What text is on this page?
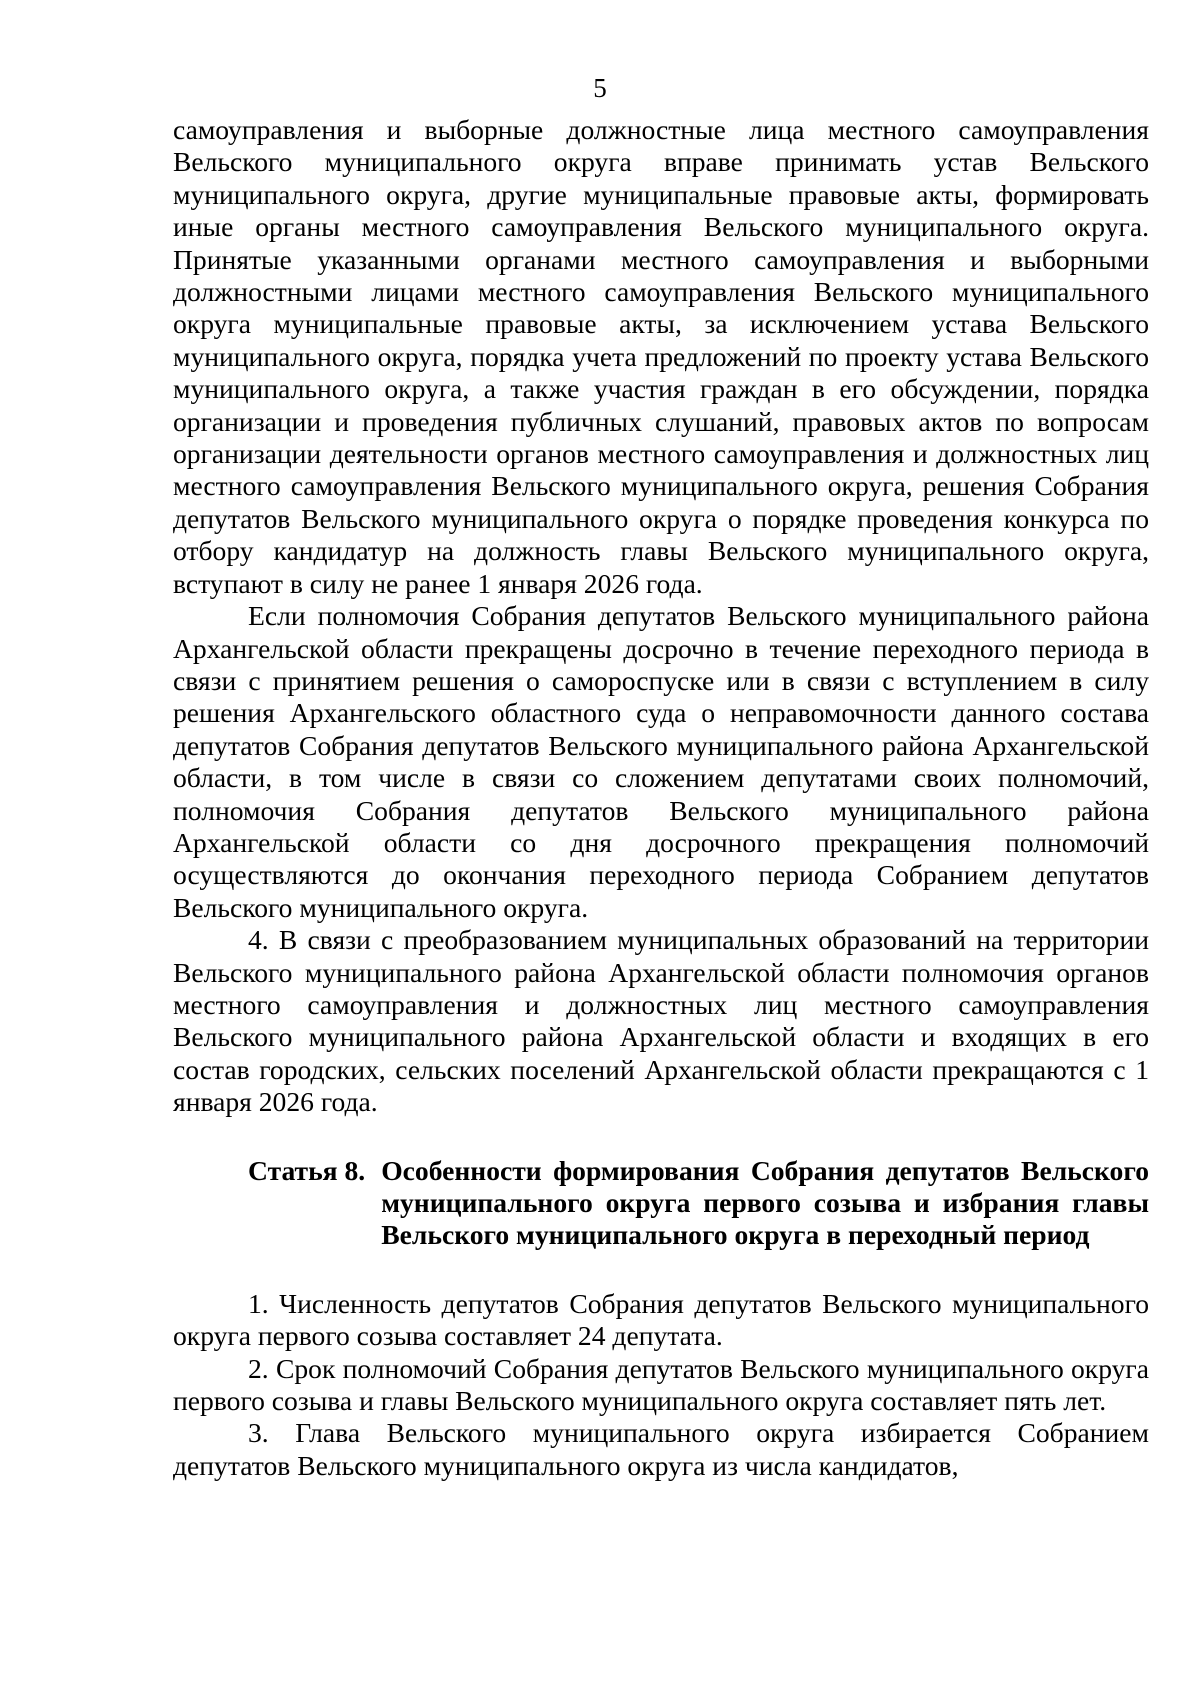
5

самоуправления и выборные должностные лица местного самоуправления Вельского муниципального округа вправе принимать устав Вельского муниципального округа, другие муниципальные правовые акты, формировать иные органы местного самоуправления Вельского муниципального округа. Принятые указанными органами местного самоуправления и выборными должностными лицами местного самоуправления Вельского муниципального округа муниципальные правовые акты, за исключением устава Вельского муниципального округа, порядка учета предложений по проекту устава Вельского муниципального округа, а также участия граждан в его обсуждении, порядка организации и проведения публичных слушаний, правовых актов по вопросам организации деятельности органов местного самоуправления и должностных лиц местного самоуправления Вельского муниципального округа, решения Собрания депутатов Вельского муниципального округа о порядке проведения конкурса по отбору кандидатур на должность главы Вельского муниципального округа, вступают в силу не ранее 1 января 2026 года.

Если полномочия Собрания депутатов Вельского муниципального района Архангельской области прекращены досрочно в течение переходного периода в связи с принятием решения о самороспуске или в связи с вступлением в силу решения Архангельского областного суда о неправомочности данного состава депутатов Собрания депутатов Вельского муниципального района Архангельской области, в том числе в связи со сложением депутатами своих полномочий, полномочия Собрания депутатов Вельского муниципального района Архангельской области со дня досрочного прекращения полномочий осуществляются до окончания переходного периода Собранием депутатов Вельского муниципального округа.

4. В связи с преобразованием муниципальных образований на территории Вельского муниципального района Архангельской области полномочия органов местного самоуправления и должностных лиц местного самоуправления Вельского муниципального района Архангельской области и входящих в его состав городских, сельских поселений Архангельской области прекращаются с 1 января 2026 года.

Статья 8. Особенности формирования Собрания депутатов Вельского муниципального округа первого созыва и избрания главы Вельского муниципального округа в переходный период

1. Численность депутатов Собрания депутатов Вельского муниципального округа первого созыва составляет 24 депутата.

2. Срок полномочий Собрания депутатов Вельского муниципального округа первого созыва и главы Вельского муниципального округа составляет пять лет.

3. Глава Вельского муниципального округа избирается Собранием депутатов Вельского муниципального округа из числа кандидатов,
